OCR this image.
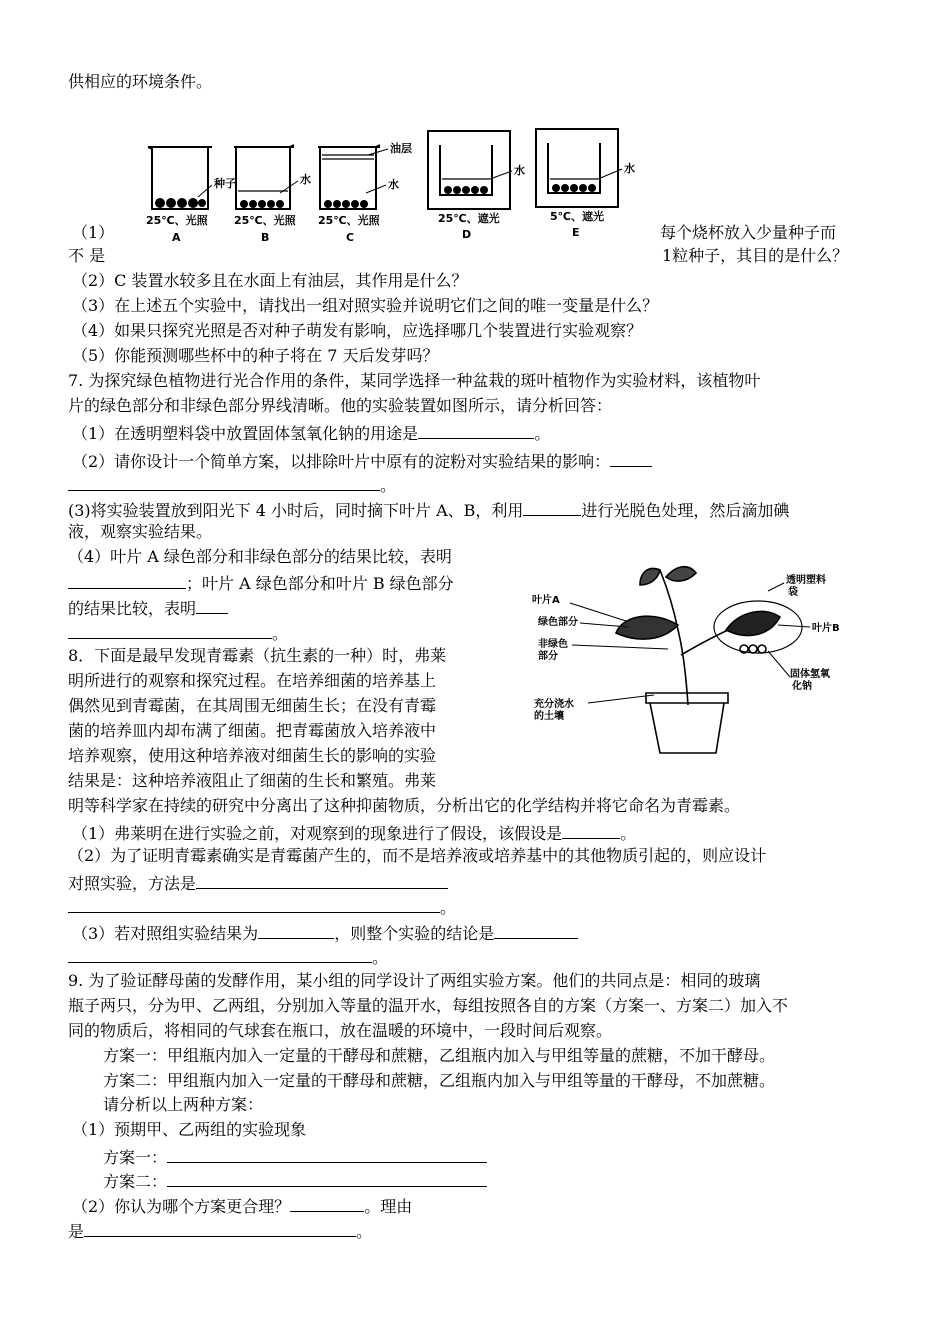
供相应的环境条件。
种子	水
油层
水
水	水
25℃、光照 25℃、光照 25℃、光照	25℃、遮光	5℃、遮光
A	B	C	D	E
（1）
不 是
每个烧杯放入少量种子而
1粒种子，其目的是什么？
（2）C 装置水较多且在水面上有油层，其作用是什么？
（3）在上述五个实验中，请找出一组对照实验并说明它们之间的唯一变量是什么？
（4）如果只探究光照是否对种子萌发有影响，应选择哪几个装置进行实验观察？
（5）你能预测哪些杯中的种子将在 7 天后发芽吗？
7. 为探究绿色植物进行光合作用的条件，某同学选择一种盆栽的斑叶植物作为实验材料，该植物叶
片的绿色部分和非绿色部分界线清晰。他的实验装置如图所示，请分析回答：
（1）在透明塑料袋中放置固体氢氧化钠的用途是	。
（2）请你设计一个简单方案，以排除叶片中原有的淀粉对实验结果的影响：
。
(3)将实验装置放到阳光下 4 小时后，同时摘下叶片 A、B，利用	进行光脱色处理，然后滴加碘
液，观察实验结果。
（4）叶片 A 绿色部分和非绿色部分的结果比较，表明
；叶片 A 绿色部分和叶片 B 绿色部分
的结果比较，表明
。
叶片A
绿色部分
非绿色
部分
充分浇水
的土壤
透明塑料
袋
叶片B
固体氢氧
化钠
8．下面是最早发现青霉素（抗生素的一种）时，弗莱
明所进行的观察和探究过程。在培养细菌的培养基上
偶然见到青霉菌，在其周围无细菌生长；在没有青霉
菌的培养皿内却布满了细菌。把青霉菌放入培养液中
培养观察，使用这种培养液对细菌生长的影响的实验
结果是：这种培养液阻止了细菌的生长和繁殖。弗莱
明等科学家在持续的研究中分离出了这种抑菌物质，分析出它的化学结构并将它命名为青霉素。
（1）弗莱明在进行实验之前，对观察到的现象进行了假设，该假设是	。
（2）为了证明青霉素确实是青霉菌产生的，而不是培养液或培养基中的其他物质引起的，则应设计
对照实验，方法是
。
（3）若对照组实验结果为	，则整个实验的结论是
。
9. 为了验证酵母菌的发酵作用，某小组的同学设计了两组实验方案。他们的共同点是：相同的玻璃
瓶子两只，分为甲、乙两组，分别加入等量的温开水，每组按照各自的方案（方案一、方案二）加入不
同的物质后，将相同的气球套在瓶口，放在温暖的环境中，一段时间后观察。
方案一：甲组瓶内加入一定量的干酵母和蔗糖，乙组瓶内加入与甲组等量的蔗糖，不加干酵母。
方案二：甲组瓶内加入一定量的干酵母和蔗糖，乙组瓶内加入与甲组等量的干酵母，不加蔗糖。
请分析以上两种方案：
（1）预期甲、乙两组的实验现象
方案一：
方案二：
（2）你认为哪个方案更合理？	。理由
是	。
